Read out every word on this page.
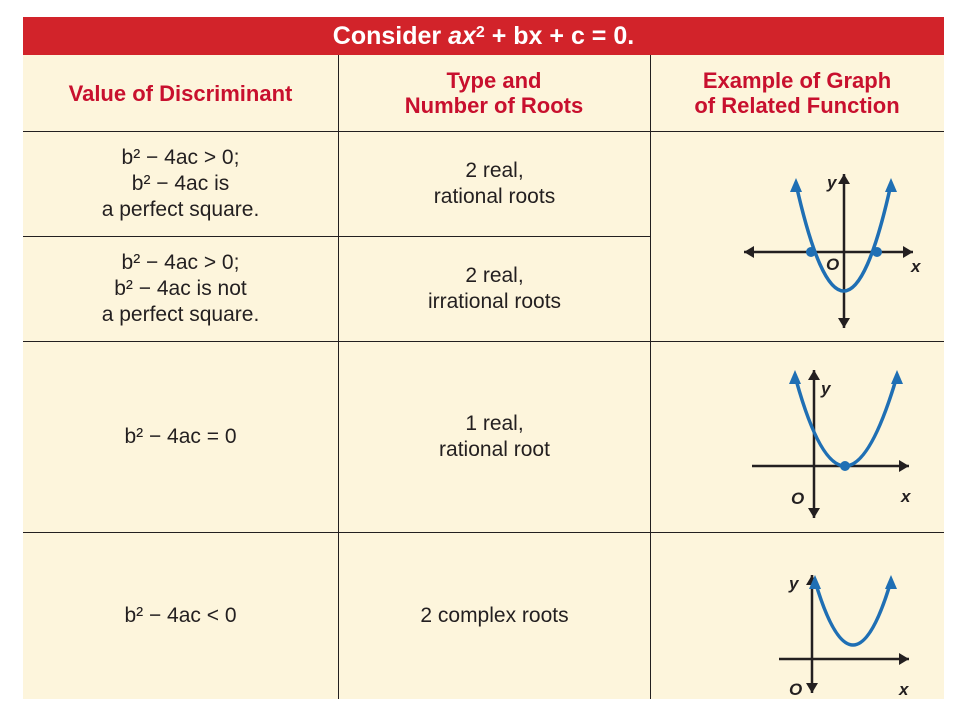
Consider $ax^2$ + bx + c = 0.
Value of Discriminant	Type and
Number of Roots
Example of Graph
of Related Function
b² − 4ac > 0;
b² − 4ac is
a perfect square.
2 real,
rational roots
b² − 4ac > 0;
b² − 4ac is not
a perfect square.
2 real,
irrational roots
b² − 4ac = 0
1 real,
rational root
b² − 4ac < 0	2 complex roots
O
y
x
O
y
x
O
y
x
